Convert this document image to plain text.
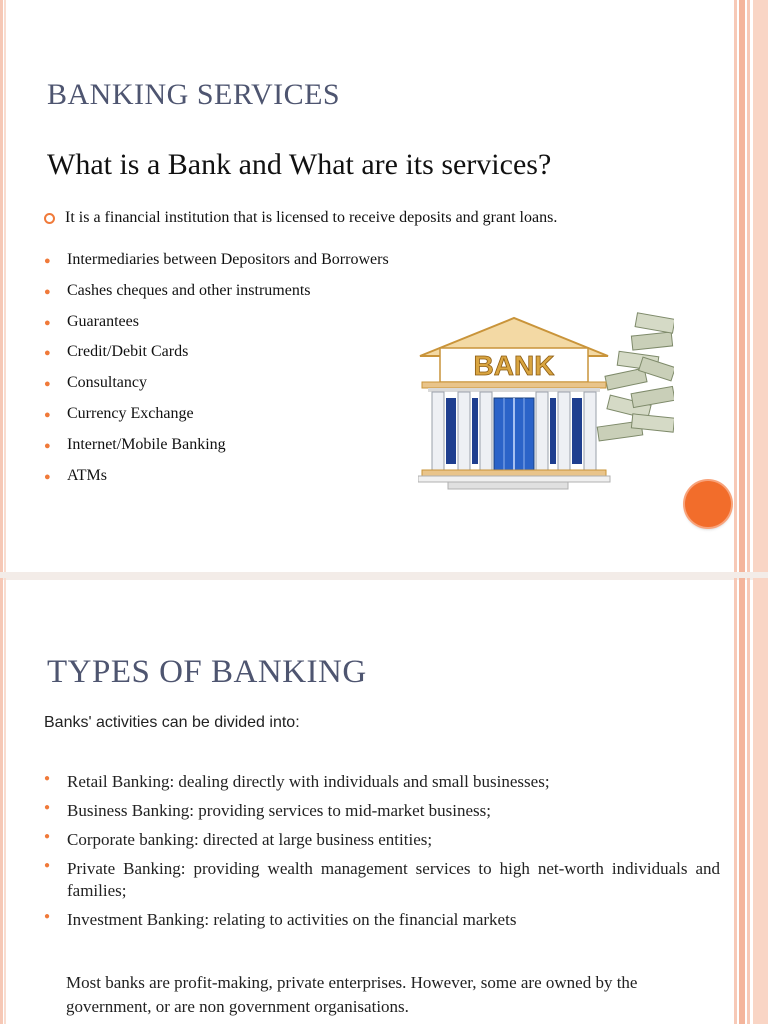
BANKING SERVICES
What is a Bank and What are its services?
It is a financial institution that is licensed to receive deposits and grant loans.
●	Intermediaries between Depositors and Borrowers
●	Cashes cheques and other instruments
●	Guarantees
●	Credit/Debit Cards
●	Consultancy
●	Currency Exchange
●	Internet/Mobile Banking
●	ATMs
BANK
TYPES OF BANKING
Banks' activities can be divided into:
● Retail Banking: dealing directly with individuals and small businesses;
● Business Banking: providing services to mid-market business;
● Corporate banking: directed at large business entities;
● Private Banking: providing wealth management services to high net-worth individuals and families;
● Investment Banking: relating to activities on the financial markets
Most banks are profit-making, private enterprises. However, some are owned by the government, or are non government organisations.
